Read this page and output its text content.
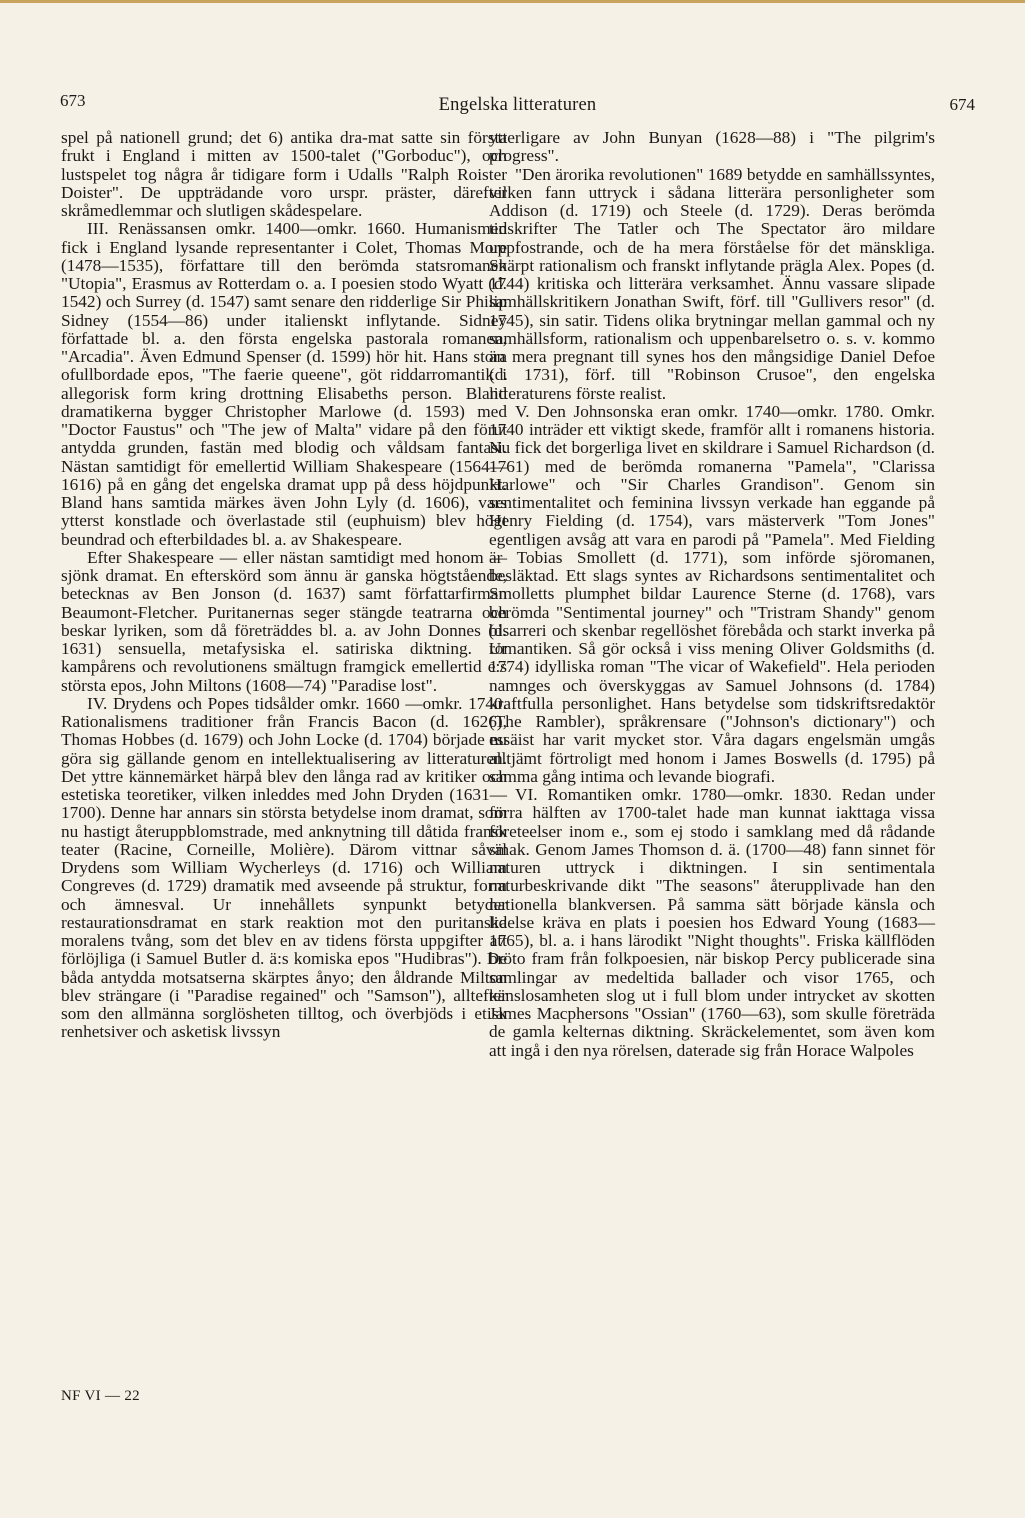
673	Engelska litteraturen	674

spel på nationell grund; det 6) antika dra-mat satte sin första frukt i England i mitten av 1500-talet ("Gorboduc"), och lustspelet tog några år tidigare form i Udalls "Ralph Roister Doister". De uppträdande voro urspr. präster, därefter skråmedlemmar och slutligen skådespelare.

III. Renässansen omkr. 1400—omkr. 1660. Humanismen fick i England lysande representanter i Colet, Thomas More (1478—1535), författare till den berömda statsromanen "Utopia", Erasmus av Rotterdam o. a. I poesien stodo Wyatt (d. 1542) och Surrey (d. 1547) samt senare den ridderlige Sir Philip Sidney (1554—86) under italienskt inflytande. Sidney författade bl. a. den första engelska pastorala romanen, "Arcadia". Även Edmund Spenser (d. 1599) hör hit. Hans stora ofullbordade epos, "The faerie queene", göt riddarromantik i allegorisk form kring drottning Elisabeths person. Bland dramatikerna bygger Christopher Marlowe (d. 1593) med "Doctor Faustus" och "The jew of Malta" vidare på den förut antydda grunden, fastän med blodig och våldsam fantasi. Nästan samtidigt för emellertid William Shakespeare (1564—1616) på en gång det engelska dramat upp på dess höjdpunkt. Bland hans samtida märkes även John Lyly (d. 1606), vars ytterst konstlade och överlastade stil (euphuism) blev högt beundrad och efterbildades bl. a. av Shakespeare.

Efter Shakespeare — eller nästan samtidigt med honom — sjönk dramat. En efterskörd som ännu är ganska högtstående, betecknas av Ben Jonson (d. 1637) samt författarfirman Beaumont-Fletcher. Puritanernas seger stängde teatrarna och beskar lyriken, som då företräddes bl. a. av John Donnes (d. 1631) sensuella, metafysiska el. satiriska diktning. Ur kampårens och revolutionens smältugn framgick emellertid e:s största epos, John Miltons (1608—74) "Paradise lost".

IV. Drydens och Popes tidsålder omkr. 1660 —omkr. 1740. Rationalismens traditioner från Francis Bacon (d. 1626), Thomas Hobbes (d. 1679) och John Locke (d. 1704) började nu göra sig gällande genom en intellektualisering av litteraturen. Det yttre kännemärket härpå blev den långa rad av kritiker och estetiska teoretiker, vilken inleddes med John Dryden (1631—1700). Denne har annars sin största betydelse inom dramat, som nu hastigt återuppblomstrade, med anknytning till dåtida fransk teater (Racine, Corneille, Molière). Därom vittnar såväl Drydens som William Wycherleys (d. 1716) och William Congreves (d. 1729) dramatik med avseende på struktur, form och ämnesval. Ur innehållets synpunkt betyder restaurationsdramat en stark reaktion mot den puritanska moralens tvång, som det blev en av tidens första uppgifter att förlöjliga (i Samuel Butler d. ä:s komiska epos "Hudibras"). De båda antydda motsatserna skärptes ånyo; den åldrande Milton blev strängare (i "Paradise regained" och "Samson"), alltefter som den allmänna sorglösheten tilltog, och överbjöds i etisk renhetsiver och asketisk livssyn

ytterligare av John Bunyan (1628—88) i "The pilgrim's progress".

"Den ärorika revolutionen" 1689 betydde en samhällssyntes, vilken fann uttryck i sådana litterära personligheter som Addison (d. 1719) och Steele (d. 1729). Deras berömda tidskrifter The Tatler och The Spectator äro mildare uppfostrande, och de ha mera förståelse för det mänskliga. Skärpt rationalism och franskt inflytande prägla Alex. Popes (d. 1744) kritiska och litterära verksamhet. Ännu vassare slipade samhällskritikern Jonathan Swift, förf. till "Gullivers resor" (d. 1745), sin satir. Tidens olika brytningar mellan gammal och ny samhällsform, rationalism och uppenbarelsetro o. s. v. kommo än mera pregnant till synes hos den mångsidige Daniel Defoe (d. 1731), förf. till "Robinson Crusoe", den engelska litteraturens förste realist.

V. Den Johnsonska eran omkr. 1740—omkr. 1780. Omkr. 1740 inträder ett viktigt skede, framför allt i romanens historia. Nu fick det borgerliga livet en skildrare i Samuel Richardson (d. 1761) med de berömda romanerna "Pamela", "Clarissa Harlowe" och "Sir Charles Grandison". Genom sin sentimentalitet och feminina livssyn verkade han eggande på Henry Fielding (d. 1754), vars mästerverk "Tom Jones" egentligen avsåg att vara en parodi på "Pamela". Med Fielding är Tobias Smollett (d. 1771), som införde sjöromanen, besläktad. Ett slags syntes av Richardsons sentimentalitet och Smolletts plumphet bildar Laurence Sterne (d. 1768), vars berömda "Sentimental journey" och "Tristram Shandy" genom bisarreri och skenbar regellöshet förebåda och starkt inverka på romantiken. Så gör också i viss mening Oliver Goldsmiths (d. 1774) idylliska roman "The vicar of Wakefield". Hela perioden namnges och överskyggas av Samuel Johnsons (d. 1784) kraftfulla personlighet. Hans betydelse som tidskriftsredaktör (The Rambler), språkrensare ("Johnson's dictionary") och essäist har varit mycket stor. Våra dagars engelsmän umgås alltjämt förtroligt med honom i James Boswells (d. 1795) på samma gång intima och levande biografi.

VI. Romantiken omkr. 1780—omkr. 1830. Redan under förra hälften av 1700-talet hade man kunnat iakttaga vissa företeelser inom e., som ej stodo i samklang med då rådande smak. Genom James Thomson d. ä. (1700—48) fann sinnet för naturen uttryck i diktningen. I sin sentimentala naturbeskrivande dikt "The seasons" återupplivade han den nationella blankversen. På samma sätt började känsla och lidelse kräva en plats i poesien hos Edward Young (1683—1765), bl. a. i hans lärodikt "Night thoughts". Friska källflöden bröto fram från folkpoesien, när biskop Percy publicerade sina samlingar av medeltida ballader och visor 1765, och känslosamheten slog ut i full blom under intrycket av skotten James Macphersons "Ossian" (1760—63), som skulle företräda de gamla kelternas diktning. Skräckelementet, som även kom att ingå i den nya rörelsen, daterade sig från Horace Walpoles

NF VI — 22
